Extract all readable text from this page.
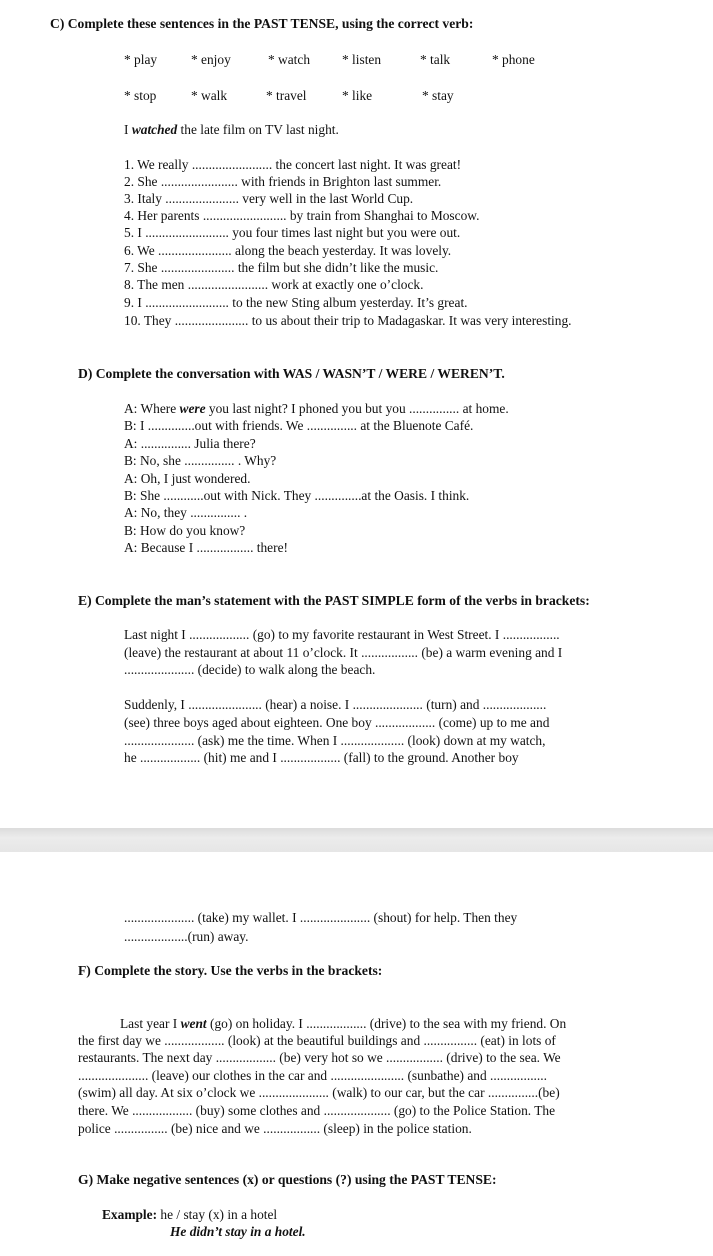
C) Complete these sentences in the PAST TENSE, using the correct verb:
* play	* enjoy	* watch * listen	* talk	* phone
* stop	* walk	* travel	* like	* stay
I watched the late film on TV last night.
1. We really ........................ the concert last night. It was great!
2. She ....................... with friends in Brighton last summer.
3. Italy ...................... very well in the last World Cup.
4. Her parents ......................... by train from Shanghai to Moscow.
5. I ......................... you four times last night but you were out.
6. We ...................... along the beach yesterday. It was lovely.
7. She ...................... the film but she didn’t like the music.
8. The men ........................ work at exactly one o’clock.
9. I ......................... to the new Sting album yesterday. It’s great.
10. They ...................... to us about their trip to Madagaskar. It was very interesting.
D) Complete the conversation with WAS / WASN’T / WERE / WEREN’T.
A: Where were you last night? I phoned you but you ............... at home.
B: I ..............out with friends. We ............... at the Bluenote Café.
A: ............... Julia there?
B: No, she ............... . Why?
A: Oh, I just wondered.
B: She ............out with Nick. They ..............at the Oasis. I think.
A: No, they ............... .
B: How do you know?
A: Because I ................. there!
E) Complete the man’s statement with the PAST SIMPLE form of the verbs in brackets:
Last night I .................. (go) to my favorite restaurant in West Street. I .................
(leave) the restaurant at about 11 o’clock. It ................. (be) a warm evening and I
..................... (decide) to walk along the beach.
Suddenly, I ...................... (hear) a noise. I ..................... (turn) and ...................
(see) three boys aged about eighteen. One boy .................. (come) up to me and
..................... (ask) me the time. When I ................... (look) down at my watch,
he .................. (hit) me and I .................. (fall) to the ground. Another boy
..................... (take) my wallet. I ..................... (shout) for help. Then they
...................(run) away.
F) Complete the story. Use the verbs in the brackets:
Last year I went (go) on holiday. I .................. (drive) to the sea with my friend. On
the first day we .................. (look) at the beautiful buildings and ................ (eat) in lots of
restaurants. The next day .................. (be) very hot so we ................. (drive) to the sea. We
..................... (leave) our clothes in the car and ...................... (sunbathe) and .................
(swim) all day. At six o’clock we ..................... (walk) to our car, but the car ...............(be)
there. We .................. (buy) some clothes and .................... (go) to the Police Station. The
police ................ (be) nice and we ................. (sleep) in the police station.
G) Make negative sentences (x) or questions (?) using the PAST TENSE:
Example: he / stay (x) in a hotel
He didn’t stay in a hotel.
